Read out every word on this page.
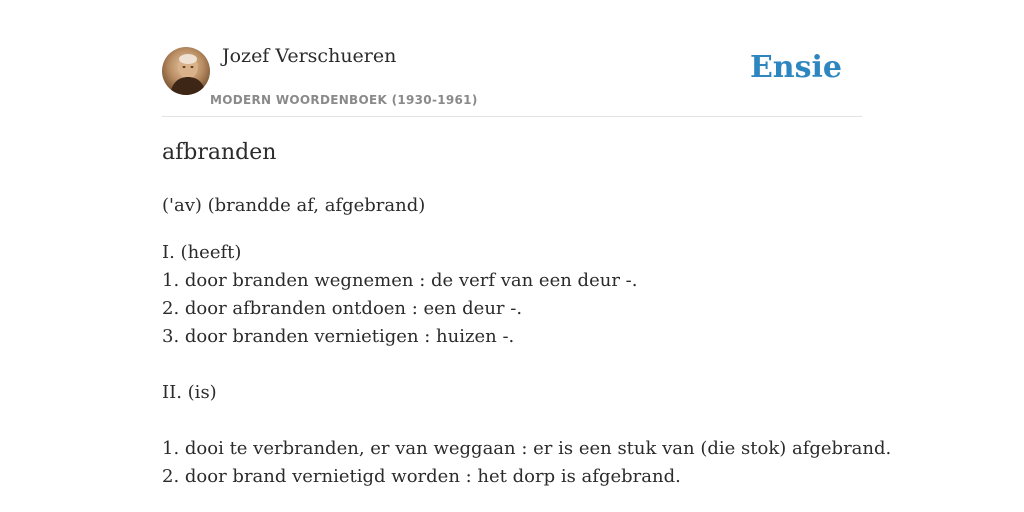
Jozef Verschueren
MODERN WOORDENBOEK (1930-1961)
Ensie
afbranden
('av) (brandde af, afgebrand)
I. (heeft)
1. door branden wegnemen : de verf van een deur -.
2. door afbranden ontdoen : een deur -.
3. door branden vernietigen : huizen -.
II. (is)
1. dooi te verbranden, er van weggaan : er is een stuk van (die stok) afgebrand.
2. door brand vernietigd worden : het dorp is afgebrand.
